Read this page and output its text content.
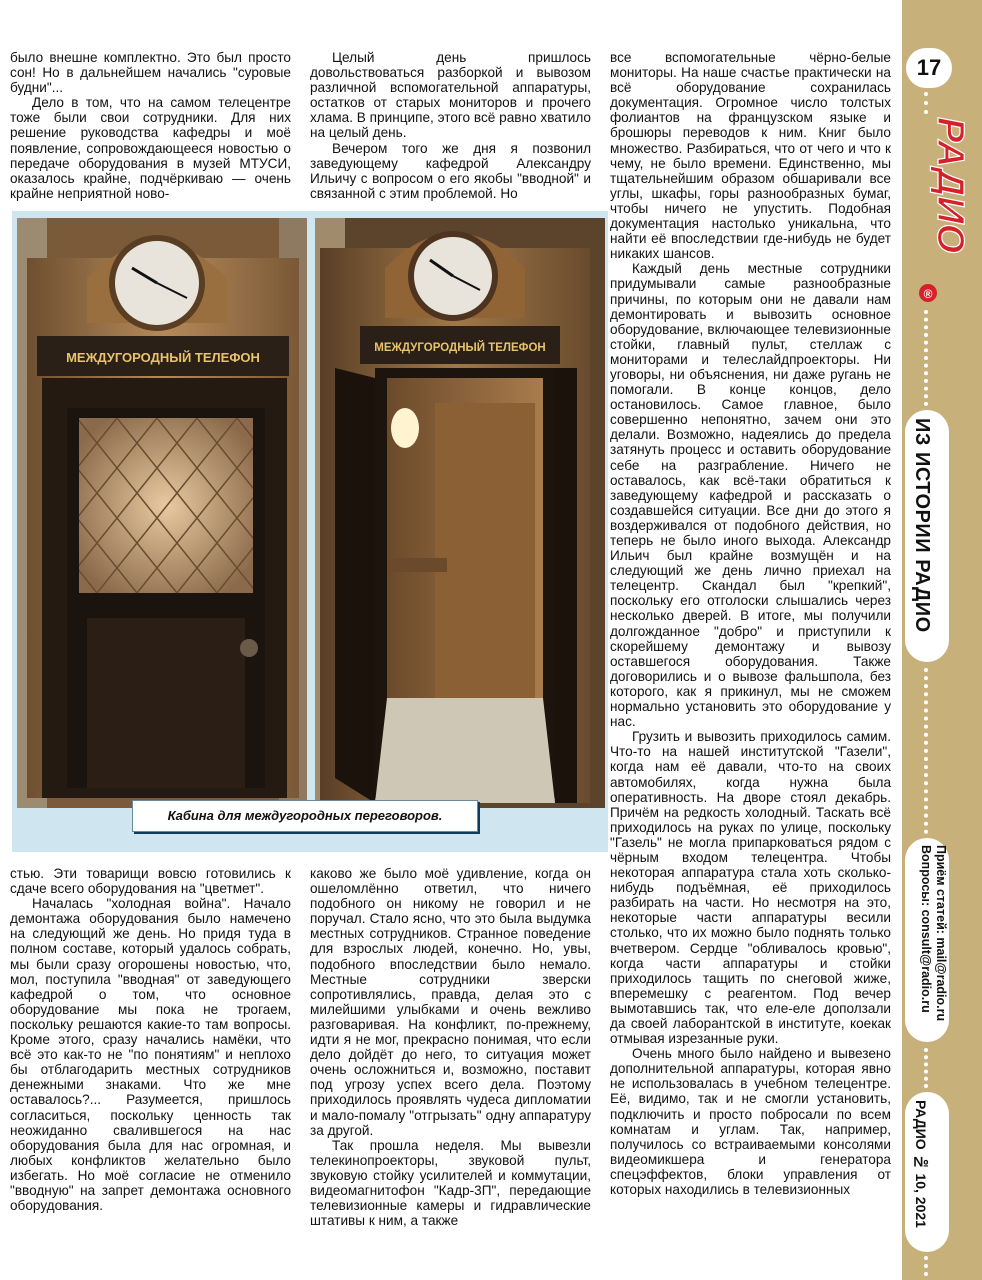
было внешне комплектно. Это был просто сон! Но в дальнейшем начались "суровые будни"...

Дело в том, что на самом телецентре тоже были свои сотрудники. Для них решение руководства кафедры и моё появление, сопровождающееся новостью о передаче оборудования в музей МТУСИ, оказалось крайне, подчёркиваю — очень крайне неприятной ново-

Целый день пришлось довольствоваться разборкой и вывозом различной вспомогательной аппаратуры, остатков от старых мониторов и прочего хлама. В принципе, этого всё равно хватило на целый день.

Вечером того же дня я позвонил заведующему кафедрой Александру Ильичу с вопросом о его якобы "вводной" и связанной с этим проблемой. Но

все вспомогательные чёрно-белые мониторы. На наше счастье практически на всё оборудование сохранилась документация. Огромное число толстых фолиантов на французском языке и брошюры переводов к ним. Книг было множество. Разбираться, что от чего и что к чему, не было времени. Единственно, мы тщательнейшим образом обшаривали все углы, шкафы, горы разнообразных бумаг, чтобы ничего не упустить. Подобная документация настолько уникальна, что найти её впоследствии где-нибудь не будет никаких шансов.

Каждый день местные сотрудники придумывали самые разнообразные причины, по которым они не давали нам демонтировать и вывозить основное оборудование, включающее телевизионные стойки, главный пульт, стеллаж с мониторами и телеслайдпроекторы. Ни уговоры, ни объяснения, ни даже ругань не помогали. В конце концов, дело остановилось. Самое главное, было совершенно непонятно, зачем они это делали. Возможно, надеялись до предела затянуть процесс и оставить оборудование себе на разграбление. Ничего не оставалось, как всё-таки обратиться к заведующему кафедрой и рассказать о создавшейся ситуации. Все дни до этого я воздерживался от подобного действия, но теперь не было иного выхода. Александр Ильич был крайне возмущён и на следующий же день лично приехал на телецентр. Скандал был "крепкий", поскольку его отголоски слышались через несколько дверей. В итоге, мы получили долгожданное "добро" и приступили к скорейшему демонтажу и вывозу оставшегося оборудования. Также договорились и о вывозе фальшпола, без которого, как я прикинул, мы не сможем нормально установить это оборудование у нас.

Грузить и вывозить приходилось самим. Что-то на нашей институтской "Газели", когда нам её давали, что-то на своих автомобилях, когда нужна была оперативность. На дворе стоял декабрь. Причём на редкость холодный. Таскать всё приходилось на руках по улице, поскольку "Газель" не могла припарковаться рядом с чёрным входом телецентра. Чтобы некоторая аппаратура стала хоть сколько-нибудь подъёмная, её приходилось разбирать на части. Но несмотря на это, некоторые части аппаратуры весили столько, что их можно было поднять только вчетвером. Сердце "обливалось кровью", когда части аппаратуры и стойки приходилось тащить по снеговой жиже, вперемешку с реагентом. Под вечер вымотавшись так, что еле-еле доползали да своей лаборантской в институте, коекак отмывая изрезанные руки.

Очень много было найдено и вывезено дополнительной аппаратуры, которая явно не использовалась в учебном телецентре. Её, видимо, так и не смогли установить, подключить и просто побросали по всем комнатам и углам. Так, например, получилось со встраиваемыми консолями видеомикшера и генератора спецэффектов, блоки управления от которых находились в телевизионных

стью. Эти товарищи вовсю готовились к сдаче всего оборудования на "цветмет".

Началась "холодная война". Начало демонтажа оборудования было намечено на следующий же день. Но придя туда в полном составе, который удалось собрать, мы были сразу огорошены новостью, что, мол, поступила "вводная" от заведующего кафедрой о том, что основное оборудование мы пока не трогаем, поскольку решаются какие-то там вопросы. Кроме этого, сразу начались намёки, что всё это как-то не "по понятиям" и неплохо бы отблагодарить местных сотрудников денежными знаками. Что же мне оставалось?... Разумеется, пришлось согласиться, поскольку ценность так неожиданно свалившегося на нас оборудования была для нас огромная, и любых конфликтов желательно было избегать. Но моё согласие не отменило "вводную" на запрет демонтажа основного оборудования.

каково же было моё удивление, когда он ошеломлённо ответил, что ничего подобного он никому не говорил и не поручал. Стало ясно, что это была выдумка местных сотрудников. Странное поведение для взрослых людей, конечно. Но, увы, подобного впоследствии было немало. Местные сотрудники зверски сопротивлялись, правда, делая это с милейшими улыбками и очень вежливо разговаривая. На конфликт, по-прежнему, идти я не мог, прекрасно понимая, что если дело дойдёт до него, то ситуация может очень осложниться и, возможно, поставит под угрозу успех всего дела. Поэтому приходилось проявлять чудеса дипломатии и мало-помалу "отгрызать" одну аппаратуру за другой.

Так прошла неделя. Мы вывезли телекинопроекторы, звуковой пульт, звуковую стойку усилителей и коммутации, видеомагнитофон "Кадр-3П", передающие телевизионные камеры и гидравлические штативы к ним, а также

МЕЖДУГОРОДНЫЙ ТЕЛЕФОН
МЕЖДУГОРОДНЫЙ ТЕЛЕФОН
Кабина для междугородных переговоров.
17
РАДИО
®
ИЗ ИСТОРИИ РАДИО
Приём статей: mail@radio.ru
Вопросы: consult@radio.ru
РАДИО № 10, 2021
